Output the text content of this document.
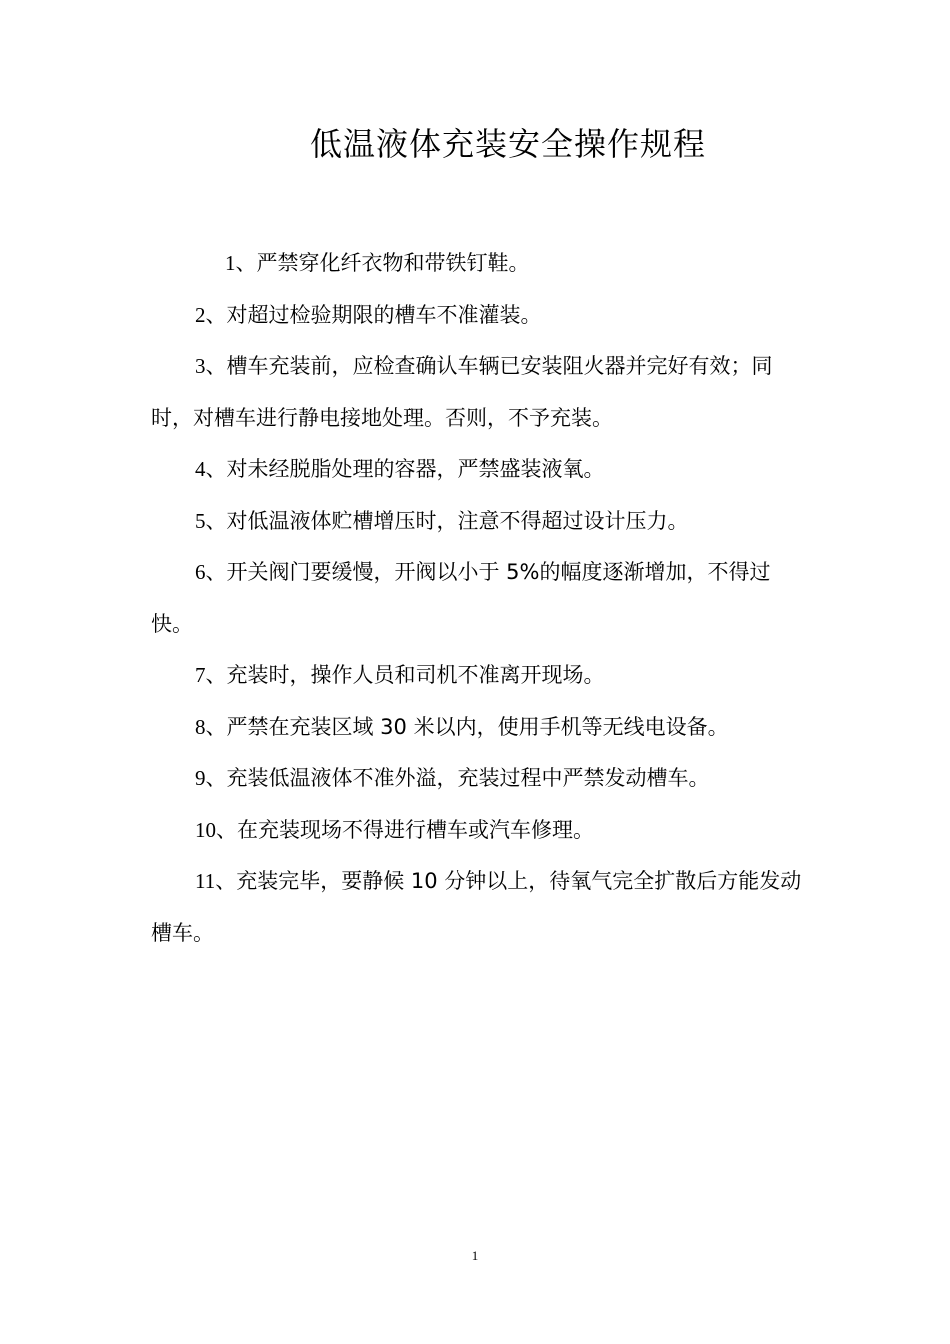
低温液体充装安全操作规程

1、严禁穿化纤衣物和带铁钉鞋。

2、对超过检验期限的槽车不准灌装。

3、槽车充装前，应检查确认车辆已安装阻火器并完好有效；同时，对槽车进行静电接地处理。否则，不予充装。

4、对未经脱脂处理的容器，严禁盛装液氧。

5、对低温液体贮槽增压时，注意不得超过设计压力。

6、开关阀门要缓慢，开阀以小于 5%的幅度逐渐增加，不得过快。

7、充装时，操作人员和司机不准离开现场。

8、严禁在充装区域 30 米以内，使用手机等无线电设备。

9、充装低温液体不准外溢，充装过程中严禁发动槽车。

10、在充装现场不得进行槽车或汽车修理。

11、充装完毕，要静候 10 分钟以上，待氧气完全扩散后方能发动槽车。

1
